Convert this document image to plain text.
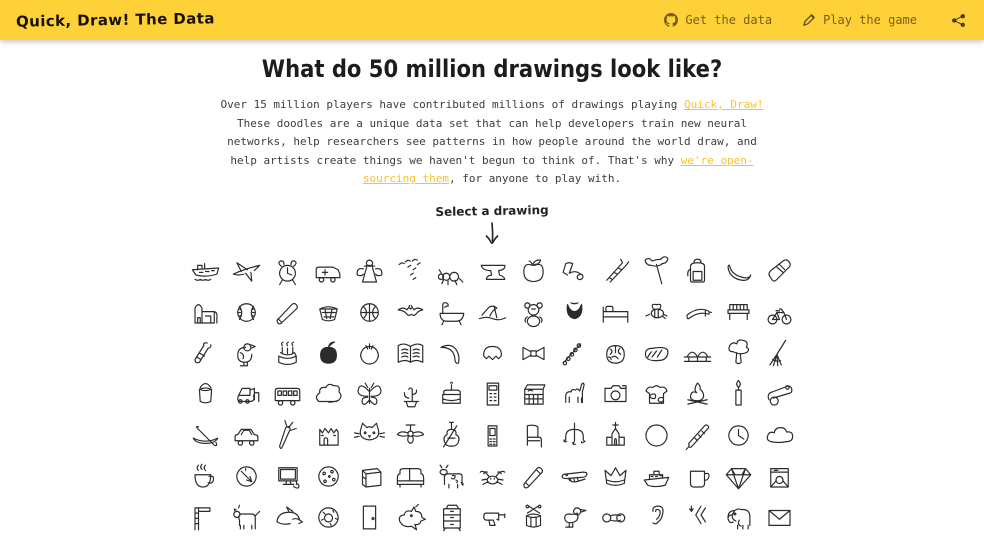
Quick, Draw! The Data	Get the data	Play the game
What do 50 million drawings look like?

Over 15 million players have contributed millions of drawings playing Quick, Draw! These doodles are a unique data set that can help developers train new neural networks, help researchers see patterns in how people around the world draw, and help artists create things we haven't begun to think of. That's why we're open-sourcing them, for anyone to play with.

Select a drawing
